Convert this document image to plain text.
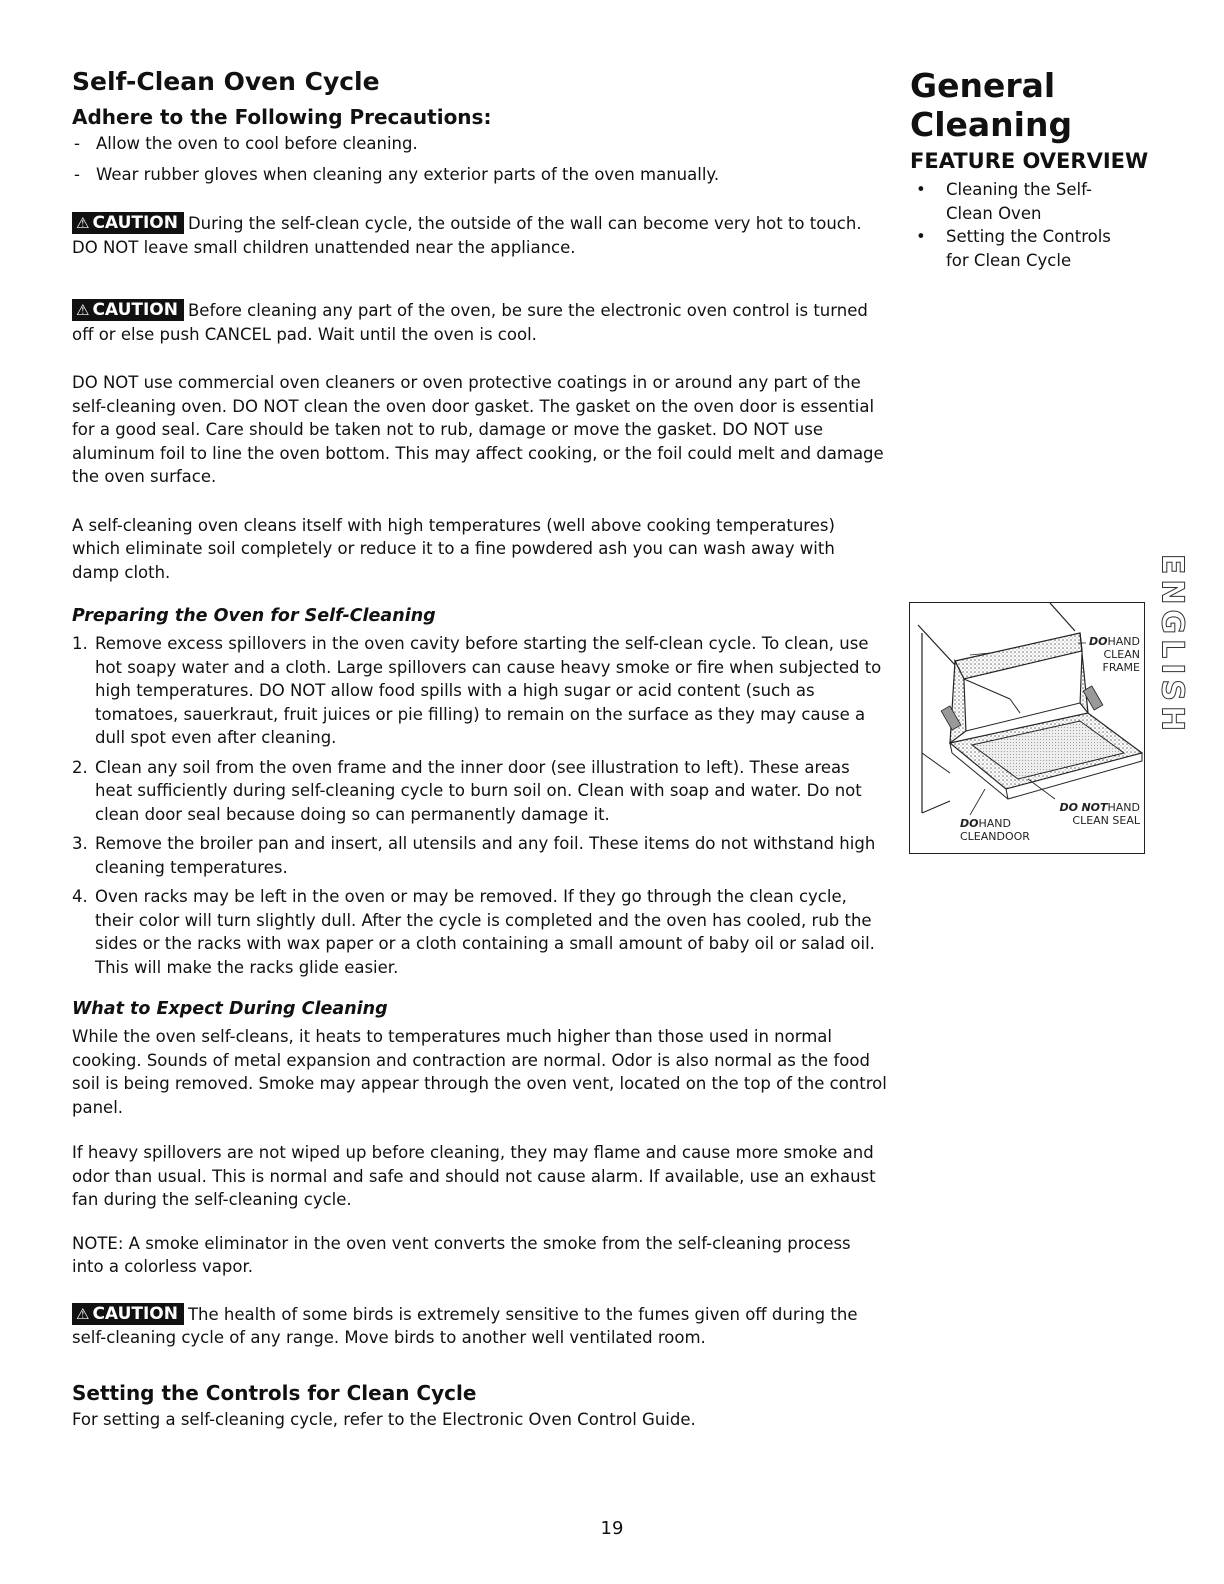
Self-Clean Oven Cycle
Adhere to the Following Precautions:
- Allow the oven to cool before cleaning.
- Wear rubber gloves when cleaning any exterior parts of the oven manually.

⚠ CAUTION During the self-clean cycle, the outside of the wall can become very hot to touch. DO NOT leave small children unattended near the appliance.

⚠ CAUTION Before cleaning any part of the oven, be sure the electronic oven control is turned off or else push CANCEL pad. Wait until the oven is cool.

DO NOT use commercial oven cleaners or oven protective coatings in or around any part of the self-cleaning oven. DO NOT clean the oven door gasket. The gasket on the oven door is essential for a good seal. Care should be taken not to rub, damage or move the gasket. DO NOT use aluminum foil to line the oven bottom. This may affect cooking, or the foil could melt and damage the oven surface.

A self-cleaning oven cleans itself with high temperatures (well above cooking temperatures) which eliminate soil completely or reduce it to a fine powdered ash you can wash away with damp cloth.

Preparing the Oven for Self-Cleaning
1. Remove excess spillovers in the oven cavity before starting the self-clean cycle. To clean, use hot soapy water and a cloth. Large spillovers can cause heavy smoke or fire when subjected to high temperatures. DO NOT allow food spills with a high sugar or acid content (such as tomatoes, sauerkraut, fruit juices or pie filling) to remain on the surface as they may cause a dull spot even after cleaning.
2. Clean any soil from the oven frame and the inner door (see illustration to left). These areas heat sufficiently during self-cleaning cycle to burn soil on. Clean with soap and water. Do not clean door seal because doing so can permanently damage it.
3. Remove the broiler pan and insert, all utensils and any foil. These items do not withstand high cleaning temperatures.
4. Oven racks may be left in the oven or may be removed. If they go through the clean cycle, their color will turn slightly dull. After the cycle is completed and the oven has cooled, rub the sides or the racks with wax paper or a cloth containing a small amount of baby oil or salad oil. This will make the racks glide easier.
What to Expect During Cleaning

While the oven self-cleans, it heats to temperatures much higher than those used in normal cooking. Sounds of metal expansion and contraction are normal. Odor is also normal as the food soil is being removed. Smoke may appear through the oven vent, located on the top of the control panel.

If heavy spillovers are not wiped up before cleaning, they may flame and cause more smoke and odor than usual. This is normal and safe and should not cause alarm. If available, use an exhaust fan during the self-cleaning cycle.

NOTE: A smoke eliminator in the oven vent converts the smoke from the self-cleaning process into a colorless vapor.

⚠ CAUTION The health of some birds is extremely sensitive to the fumes given off during the self-cleaning cycle of any range. Move birds to another well ventilated room.

Setting the Controls for Clean Cycle

For setting a self-cleaning cycle, refer to the Electronic Oven Control Guide.

General
Cleaning
FEATURE OVERVIEW
• Cleaning the Self-Clean Oven
• Setting the Controls for Clean Cycle
ENGLISH
DOHAND
CLEAN
FRAME
DO NOTHAND
CLEAN SEAL
DOHAND
CLEANDOOR
19
